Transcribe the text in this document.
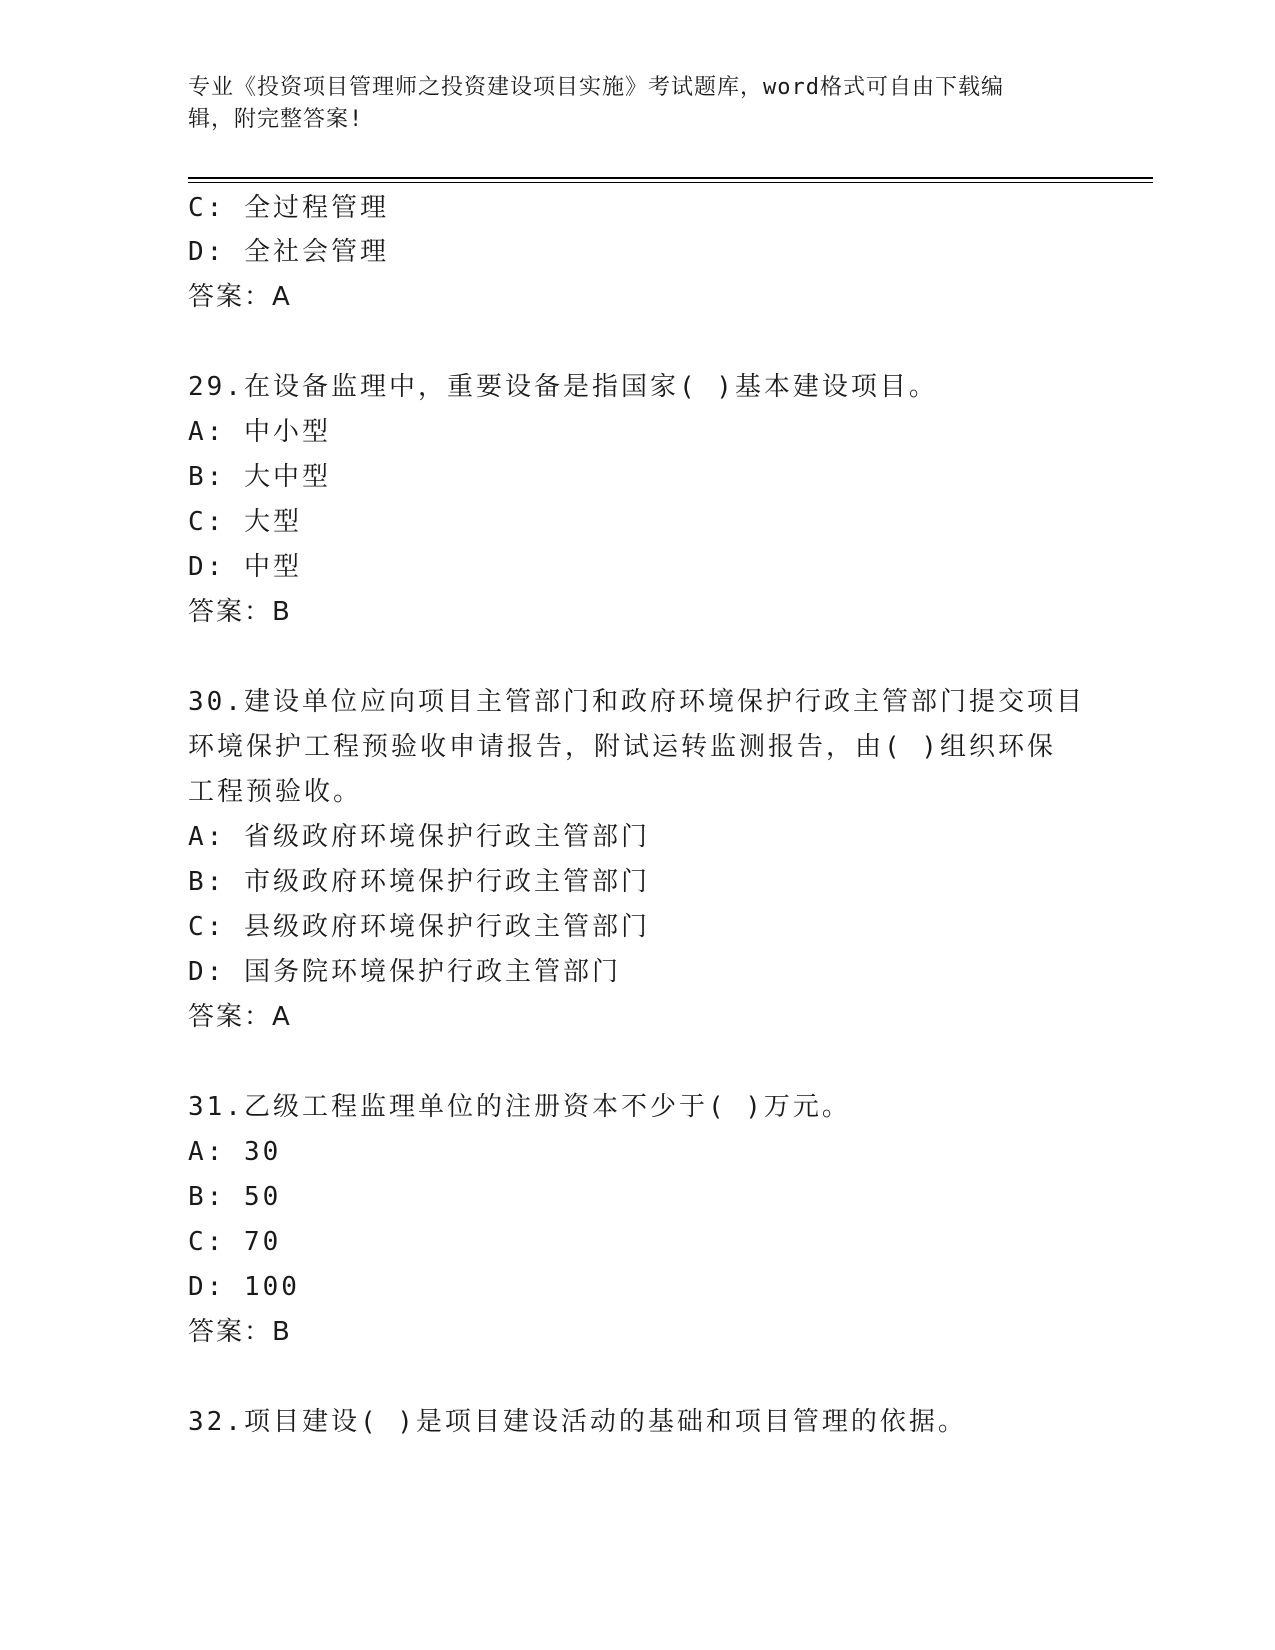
专业《投资项目管理师之投资建设项目实施》考试题库，word格式可自由下载编
辑，附完整答案!
C: 全过程管理
D: 全社会管理
答案：A
29.在设备监理中，重要设备是指国家( )基本建设项目。
A: 中小型
B: 大中型
C: 大型
D: 中型
答案：B
30.建设单位应向项目主管部门和政府环境保护行政主管部门提交项目
环境保护工程预验收申请报告，附试运转监测报告，由( )组织环保
工程预验收。
A: 省级政府环境保护行政主管部门
B: 市级政府环境保护行政主管部门
C: 县级政府环境保护行政主管部门
D: 国务院环境保护行政主管部门
答案：A
31.乙级工程监理单位的注册资本不少于( )万元。
A: 30
B: 50
C: 70
D: 100
答案：B
32.项目建设( )是项目建设活动的基础和项目管理的依据。
